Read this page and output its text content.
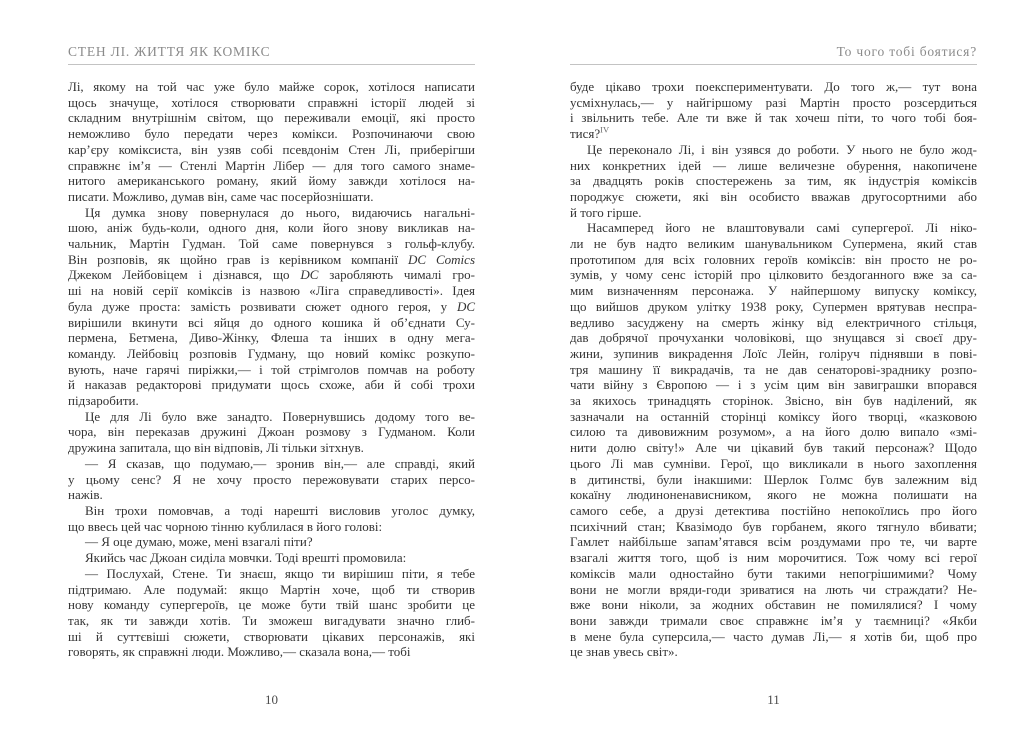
СТЕН ЛІ. ЖИТТЯ ЯК КОМІКС
Лі, якому на той час уже було майже сорок, хотілося написати
щось значуще, хотілося створювати справжні історії людей зі
складним внутрішнім світом, що переживали емоції, які просто
неможливо було передати через комікси. Розпочинаючи свою
кар’єру коміксиста, він узяв собі псевдонім Стен Лі, приберігши
справжнє ім’я — Стенлі Мартін Лібер — для того самого знаме-
нитого американського роману, який йому завжди хотілося на-
писати. Можливо, думав він, саме час посерйознішати.
Ця думка знову повернулася до нього, видаючись нагальні-
шою, аніж будь-коли, одного дня, коли його знову викликав на-
чальник, Мартін Гудман. Той саме повернувся з гольф-клубу.
Він розповів, як щойно грав із керівником компанії DC Comics
Джеком Лейбовіцем і дізнався, що DC заробляють чималі гро-
ші на новій серії коміксів із назвою «Ліга справедливості». Ідея
була дуже проста: замість розвивати сюжет одного героя, у DC
вирішили вкинути всі яйця до одного кошика й об’єднати Су-
пермена, Бетмена, Диво-Жінку, Флеша та інших в одну мега-
команду. Лейбовіц розповів Гудману, що новий комікс розкупо-
вують, наче гарячі пиріжки,— і той стрімголов помчав на роботу
й наказав редакторові придумати щось схоже, аби й собі трохи
підзаробити.
Це для Лі було вже занадто. Повернувшись додому того ве-
чора, він переказав дружині Джоан розмову з Гудманом. Коли
дружина запитала, що він відповів, Лі тільки зітхнув.
— Я сказав, що подумаю,— зронив він,— але справді, який
у цьому сенс? Я не хочу просто пережовувати старих персо-
нажів.
Він трохи помовчав, а тоді нарешті висловив уголос думку,
що ввесь цей час чорною тінню кублилася в його голові:
— Я оце думаю, може, мені взагалі піти?
Якийсь час Джоан сиділа мовчки. Тоді врешті промовила:
— Послухай, Стене. Ти знаєш, якщо ти вирішиш піти, я тебе
підтримаю. Але подумай: якщо Мартін хоче, щоб ти створив
нову команду супергероїв, це може бути твій шанс зробити це
так, як ти завжди хотів. Ти зможеш вигадувати значно глиб-
ші й суттєвіші сюжети, створювати цікавих персонажів, які
говорять, як справжні люди. Можливо,— сказала вона,— тобі
10
То чого тобі боятися?
буде цікаво трохи поекспериментувати. До того ж,— тут вона
усміхнулась,— у найгіршому разі Мартін просто розсердиться
і звільнить тебе. Але ти вже й так хочеш піти, то чого тобі боя-
тися?$^{IV}$
Це переконало Лі, і він узявся до роботи. У нього не було жод-
них конкретних ідей — лише величезне обурення, накопичене
за двадцять років спостережень за тим, як індустрія коміксів
породжує сюжети, які він особисто вважав другосортними або
й того гірше.
Насамперед його не влаштовували самі супергерої. Лі ніко-
ли не був надто великим шанувальником Супермена, який став
прототипом для всіх головних героїв коміксів: він просто не ро-
зумів, у чому сенс історій про цілковито бездоганного вже за са-
мим визначенням персонажа. У найпершому випуску коміксу,
що вийшов друком улітку 1938 року, Супермен врятував неспра-
ведливо засуджену на смерть жінку від електричного стільця,
дав добрячої прочуханки чоловікові, що знущався зі своєї дру-
жини, зупинив викрадення Лоїс Лейн, голіруч піднявши в пові-
тря машину її викрадачів, та не дав сенаторові-зраднику розпо-
чати війну з Європою — і з усім цим він завиграшки впорався
за якихось тринадцять сторінок. Звісно, він був наділений, як
зазначали на останній сторінці коміксу його творці, «казковою
силою та дивовижним розумом», а на його долю випало «змі-
нити долю світу!» Але чи цікавий був такий персонаж? Щодо
цього Лі мав сумніви. Герої, що викликали в нього захоплення
в дитинстві, були інакшими: Шерлок Голмс був залежним від
кокаїну людиноненависником, якого не можна полишати на
самого себе, а друзі детектива постійно непокоїлись про його
психічний стан; Квазімодо був горбанем, якого тягнуло вбивати;
Гамлет найбільше запам’ятався всім роздумами про те, чи варте
взагалі життя того, щоб із ним морочитися. Тож чому всі герої
коміксів мали одностайно бути такими непогрішимими? Чому
вони не могли вряди-годи зриватися на лють чи страждати? Не-
вже вони ніколи, за жодних обставин не помилялися? І чому
вони завжди тримали своє справжнє ім’я у таємниці? «Якби
в мене була суперсила,— часто думав Лі,— я хотів би, щоб про
це знав увесь світ».
11
